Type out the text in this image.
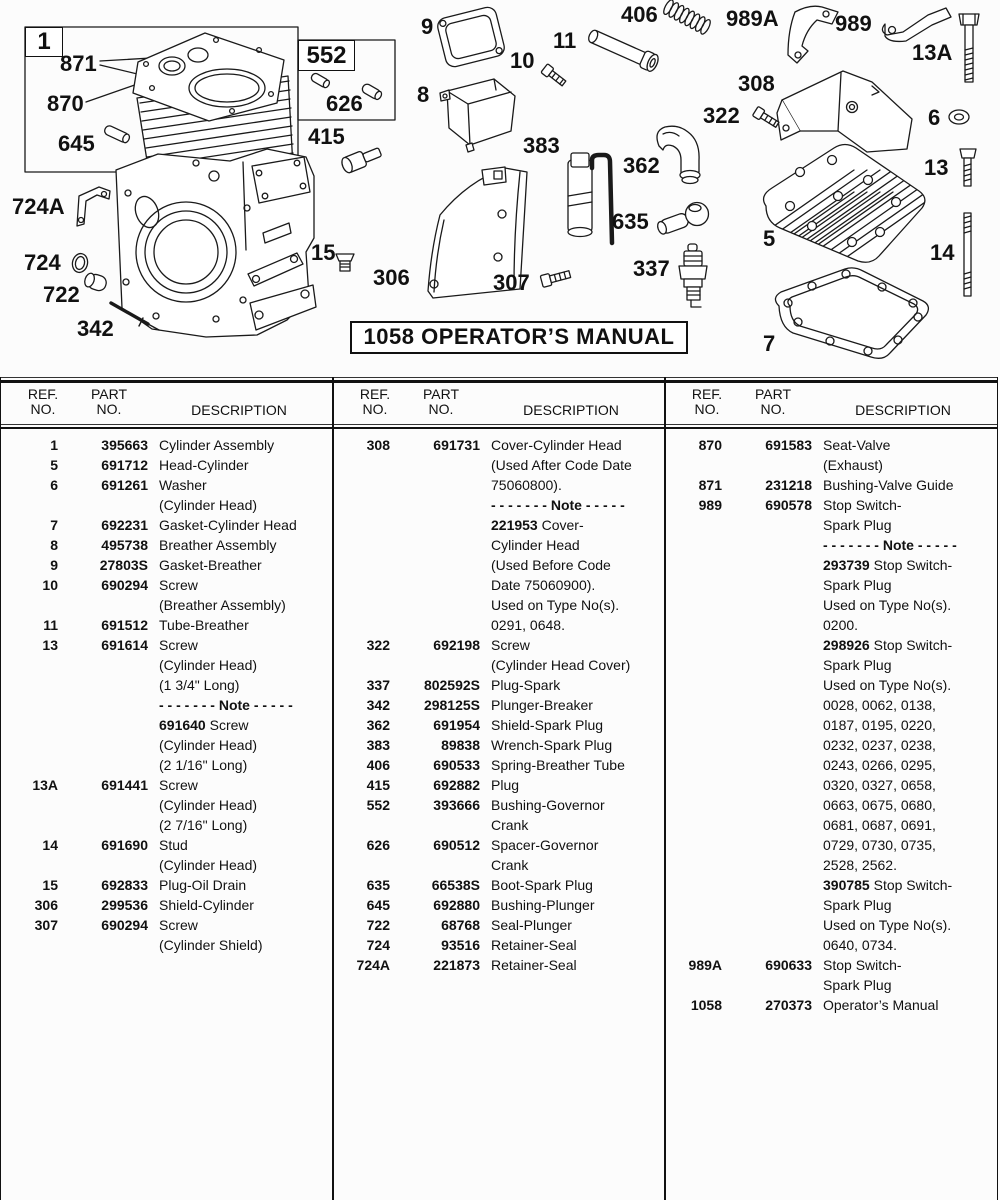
1	552
871
870
645
724A
724
722
342
626
415
15
9
10
11
8
383
306	307
362
635
337
406	989A	989
13A
308
322	6
13
5
14
7
1058 OPERATOR’S MANUAL
REF.
NO.
PART
NO.	DESCRIPTION
REF.
NO.
PART
NO.	DESCRIPTION
REF.
NO.
PART
NO.	DESCRIPTION
1	395663 Cylinder Assembly
5	691712 Head-Cylinder
6	691261 Washer
(Cylinder Head)
7	692231 Gasket-Cylinder Head
8	495738 Breather Assembly
9	27803S Gasket-Breather
10	690294 Screw
(Breather Assembly)
11	691512 Tube-Breather
13	691614 Screw
(Cylinder Head)
(1 3/4" Long)
- - - - - - - Note - - - - -
691640 Screw
(Cylinder Head)
(2 1/16" Long)
13A	691441 Screw
(Cylinder Head)
(2 7/16" Long)
14	691690 Stud
(Cylinder Head)
15	692833 Plug-Oil Drain
306	299536 Shield-Cylinder
307	690294 Screw
(Cylinder Shield)
308	691731 Cover-Cylinder Head
(Used After Code Date
75060800).
- - - - - - - Note - - - - -
221953 Cover-
Cylinder Head
(Used Before Code
Date 75060900).
Used on Type No(s).
0291, 0648.
322	692198 Screw
(Cylinder Head Cover)
337	802592S Plug-Spark
342	298125S Plunger-Breaker
362	691954 Shield-Spark Plug
383	89838 Wrench-Spark Plug
406	690533 Spring-Breather Tube
415	692882 Plug
552	393666 Bushing-Governor
Crank
626	690512 Spacer-Governor
Crank
635	66538S Boot-Spark Plug
645	692880 Bushing-Plunger
722	68768 Seal-Plunger
724	93516 Retainer-Seal
724A	221873 Retainer-Seal
870	691583 Seat-Valve
(Exhaust)
871	231218 Bushing-Valve Guide
989	690578 Stop Switch-
Spark Plug
- - - - - - - Note - - - - -
293739 Stop Switch-
Spark Plug
Used on Type No(s).
0200.
298926 Stop Switch-
Spark Plug
Used on Type No(s).
0028, 0062, 0138,
0187, 0195, 0220,
0232, 0237, 0238,
0243, 0266, 0295,
0320, 0327, 0658,
0663, 0675, 0680,
0681, 0687, 0691,
0729, 0730, 0735,
2528, 2562.
390785 Stop Switch-
Spark Plug
Used on Type No(s).
0640, 0734.
989A	690633 Stop Switch-
Spark Plug
1058	270373 Operator’s Manual
